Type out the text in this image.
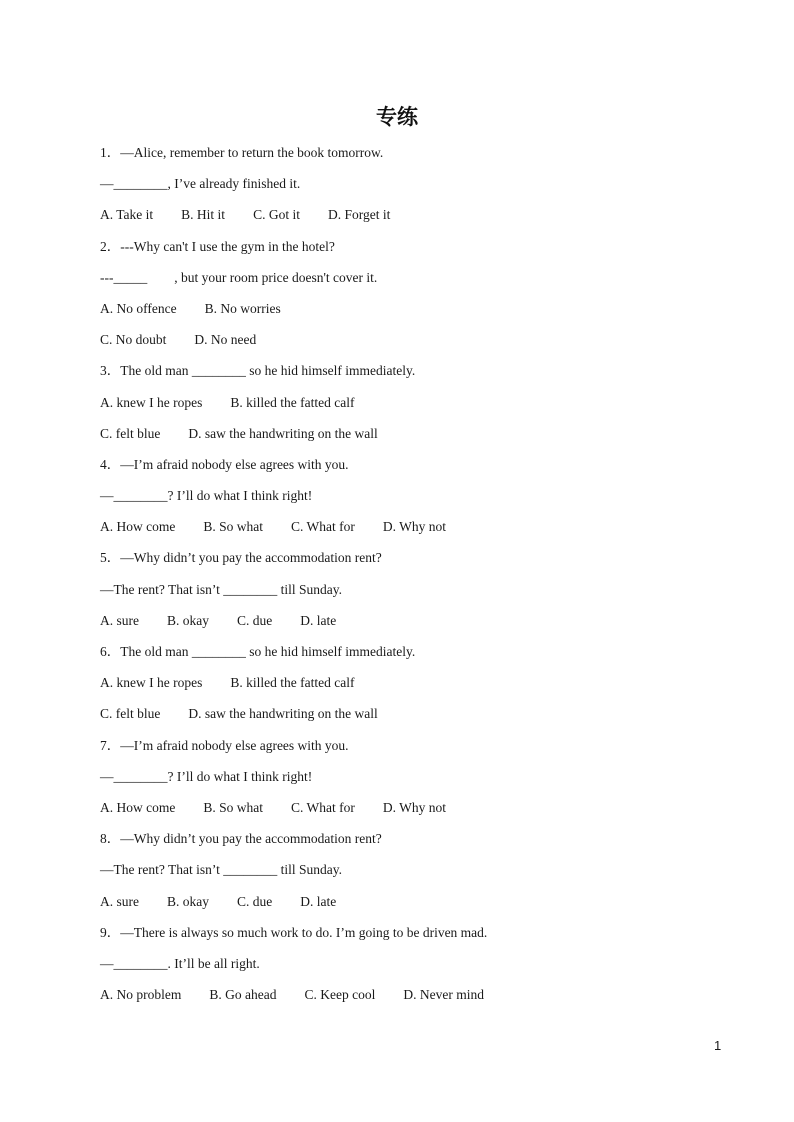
专练
1．—Alice, remember to return the book tomorrow.
—________, I’ve already finished it.
A. Take it B. Hit it C. Got it D. Forget it
2．---Why can't I use the gym in the hotel?
---_____        , but your room price doesn't cover it.
A. No offence B. No worries
C. No doubt D. No need
3．The old man ________ so he hid himself immediately.
A. knew I he ropes B. killed the fatted calf
C. felt blue D. saw the handwriting on the wall
4．—I’m afraid nobody else agrees with you.
—________? I’ll do what I think right!
A. How come B. So what C. What for D. Why not
5．—Why didn’t you pay the accommodation rent?
—The rent? That isn’t ________ till Sunday.
A. sure B. okay C. due D. late
6．The old man ________ so he hid himself immediately.
A. knew I he ropes B. killed the fatted calf
C. felt blue D. saw the handwriting on the wall
7．—I’m afraid nobody else agrees with you.
—________? I’ll do what I think right!
A. How come B. So what C. What for D. Why not
8．—Why didn’t you pay the accommodation rent?
—The rent? That isn’t ________ till Sunday.
A. sure B. okay C. due D. late
9．—There is always so much work to do. I’m going to be driven mad.
—________. It’ll be all right.
A. No problem B. Go ahead C. Keep cool D. Never mind
1
